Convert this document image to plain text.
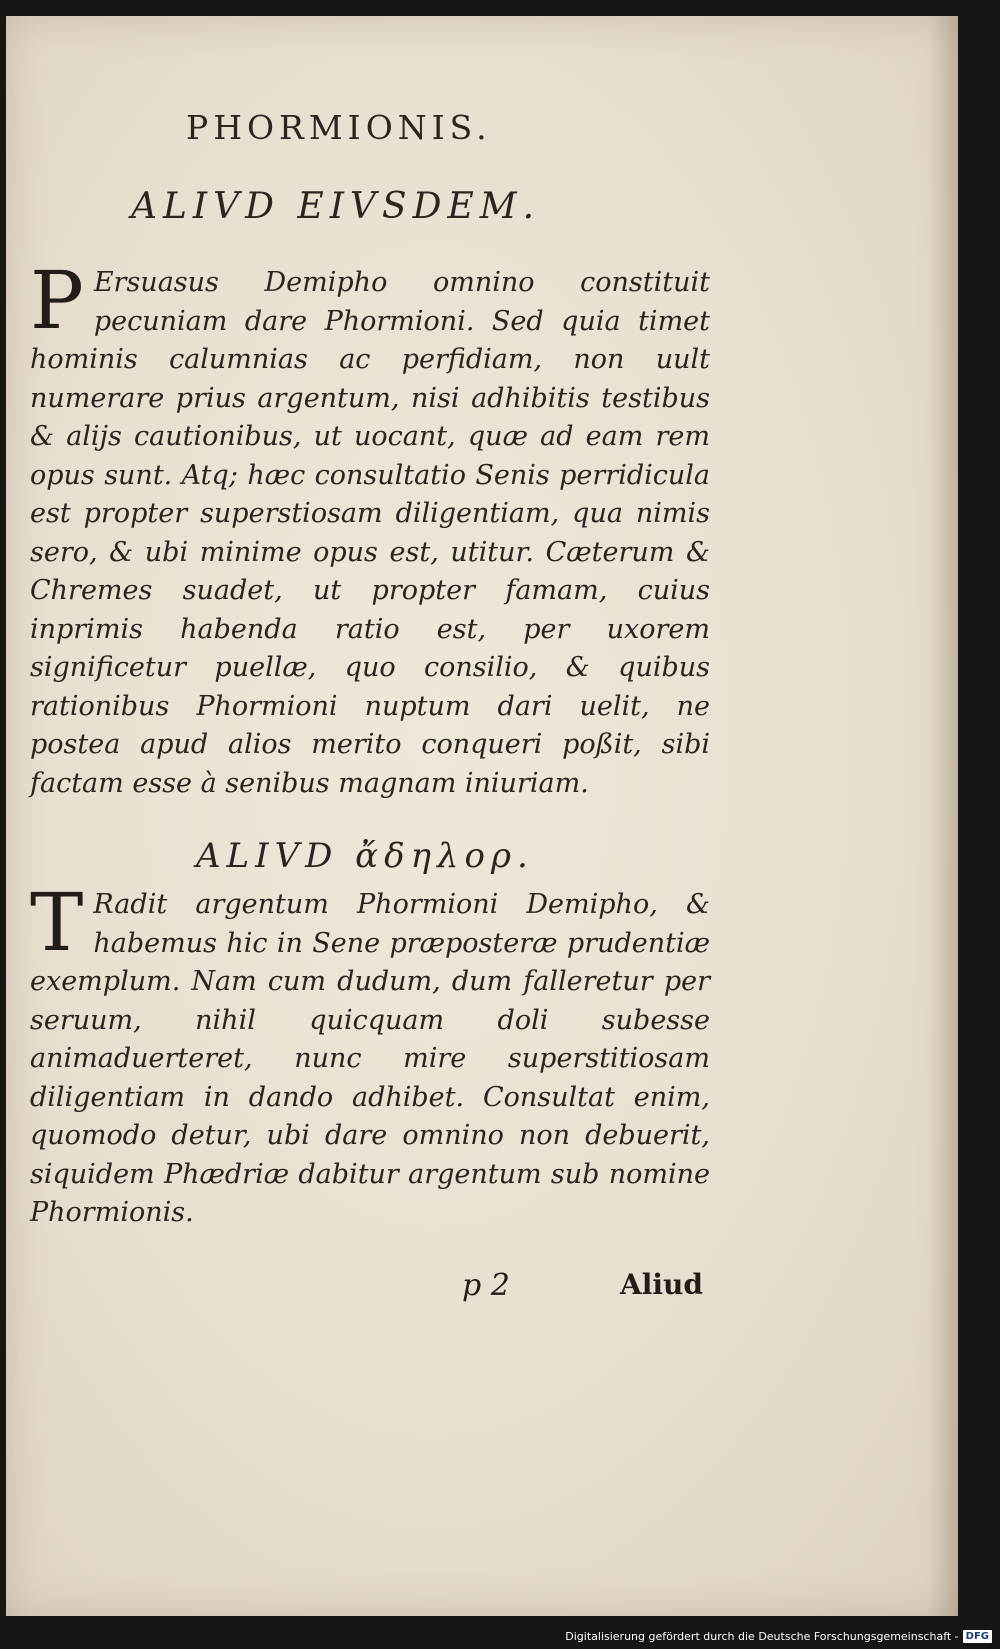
PHORMIONIS.
ALIVD EIVSDEM.
P Ersuasus Demipho omnino constituit pecuniam dare Phormioni. Sed quia timet hominis calumnias ac perfidiam, non uult numerare prius argentum, nisi adhibitis testibus & alijs cautionibus, ut uocant, quæ ad eam rem opus sunt. Atq; hæc consultatio Senis perridicula est propter superstiosam diligentiam, qua nimis sero, & ubi minime opus est, utitur. Cæterum & Chremes suadet, ut propter famam, cuius inprimis habenda ratio est, per uxorem significetur puellæ, quo consilio, & quibus rationibus Phormioni nuptum dari uelit, ne postea apud alios merito conqueri poßit, sibi factam esse à senibus magnam iniuriam.
ALIVD ἄδηλορ.
T Radit argentum Phormioni Demipho, & habemus hic in Sene præposteræ prudentiæ exemplum. Nam cum dudum, dum falleretur per seruum, nihil quicquam doli subesse animaduerteret, nunc mire superstitiosam diligentiam in dando adhibet. Consultat enim, quomodo detur, ubi dare omnino non debuerit, siquidem Phædriæ dabitur argentum sub nomine Phormionis.
p 2	Aliud
Digitalisierung gefördert durch die Deutsche Forschungsgemeinschaft - DFG
